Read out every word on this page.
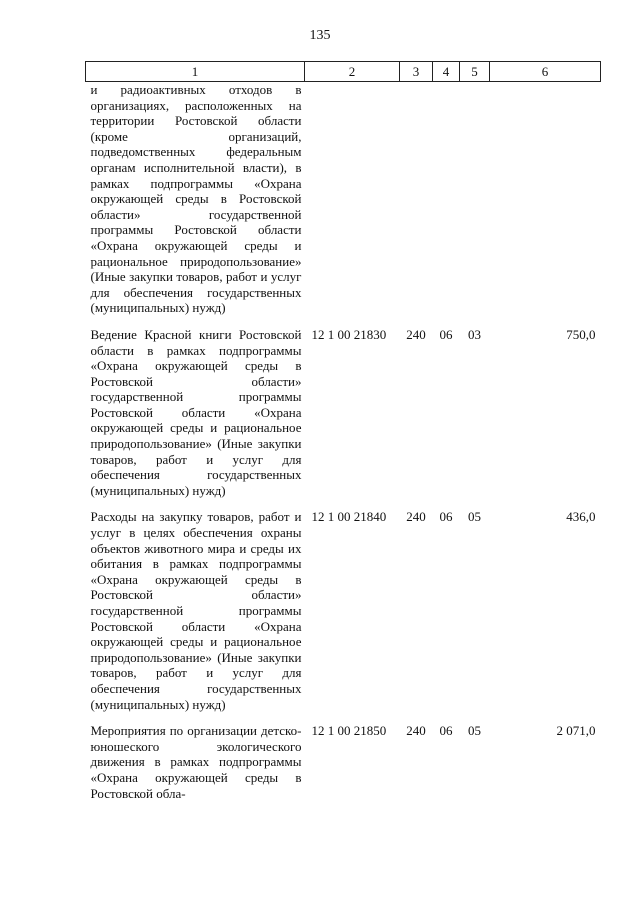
135
1	2	3	4	5	6
и радиоактивных отходов в организациях, расположенных на территории Ростовской области (кроме организаций, подведомственных федеральным органам исполнительной власти), в рамках подпрограммы «Охрана окружающей среды в Ростовской области» государственной программы Ростовской области «Охрана окружающей среды и рациональное природопользование» (Иные закупки товаров, работ и услуг для обеспечения государственных (муниципальных) нужд)					
Ведение Красной книги Ростовской области в рамках подпрограммы «Охрана окружающей среды в Ростовской области» государственной программы Ростовской области «Охрана окружающей среды и рациональное природопользование» (Иные закупки товаров, работ и услуг для обеспечения государственных (муниципальных) нужд)	12 1 00 21830	240	06	03	750,0
Расходы на закупку товаров, работ и услуг в целях обеспечения охраны объектов животного мира и среды их обитания в рамках подпрограммы «Охрана окружающей среды в Ростовской области» государственной программы Ростовской области «Охрана окружающей среды и рациональное природопользование» (Иные закупки товаров, работ и услуг для обеспечения государственных (муниципальных) нужд)	12 1 00 21840	240	06	05	436,0
Мероприятия по организации детско-юношеского экологического движения в рамках подпрограммы «Охрана окружающей среды в Ростовской обла-	12 1 00 21850	240	06	05	2 071,0
